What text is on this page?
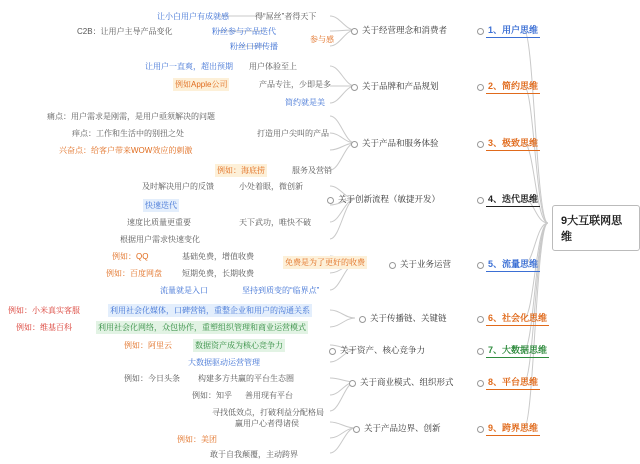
9大互联网思维
1、用户思维
关于经营理念和消费者
让小白用户有成就感	得“屌丝”者得天下
C2B：让用户主导产品变化	粉丝参与产品迭代
粉丝口碑传播
参与感
2、简约思维
关于品牌和产品规划
让用户一直爽，超出预期 用户体验至上
例如Apple公司	产品专注，少即是多
简约就是美
3、极致思维
关于产品和服务体验
痛点：用户需求是刚需，是用户亟须解决的问题
痒点：工作和生活中的别扭之处	打造用户尖叫的产品
兴奋点：给客户带来WOW效应的刺激
例如：海底捞	服务及营销
4、迭代思维
关于创新流程（敏捷开发）
及时解决用户的反馈	小处着眼，微创新
快速迭代
速度比质量更重要	天下武功，唯快不破
根据用户需求快速变化
5、流量思维
关于业务运营
例如：QQ	基础免费，增值收费
例如：百度网盘	短期免费，长期收费
免费是为了更好的收费
流量就是入口	坚持到质变的“临界点”
6、社会化思维
关于传播链、关键链
例如：小米真实客服	利用社会化媒体，口碑营销，重整企业和用户的沟通关系
例如：维基百科	利用社会化网络，众包协作，重塑组织管理和商业运营模式
7、大数据思维
关于资产、核心竞争力
例如：阿里云	数据资产成为核心竞争力
大数据驱动运营管理
8、平台思维
关于商业模式、组织形式
例如：今日头条 构建多方共赢的平台生态圈
例如：知乎 善用现有平台
寻找低效点，打破利益分配格局
9、跨界思维
关于产品边界、创新
赢用户心者得诸侯
例如：美团
敢于自我颠覆，主动跨界
